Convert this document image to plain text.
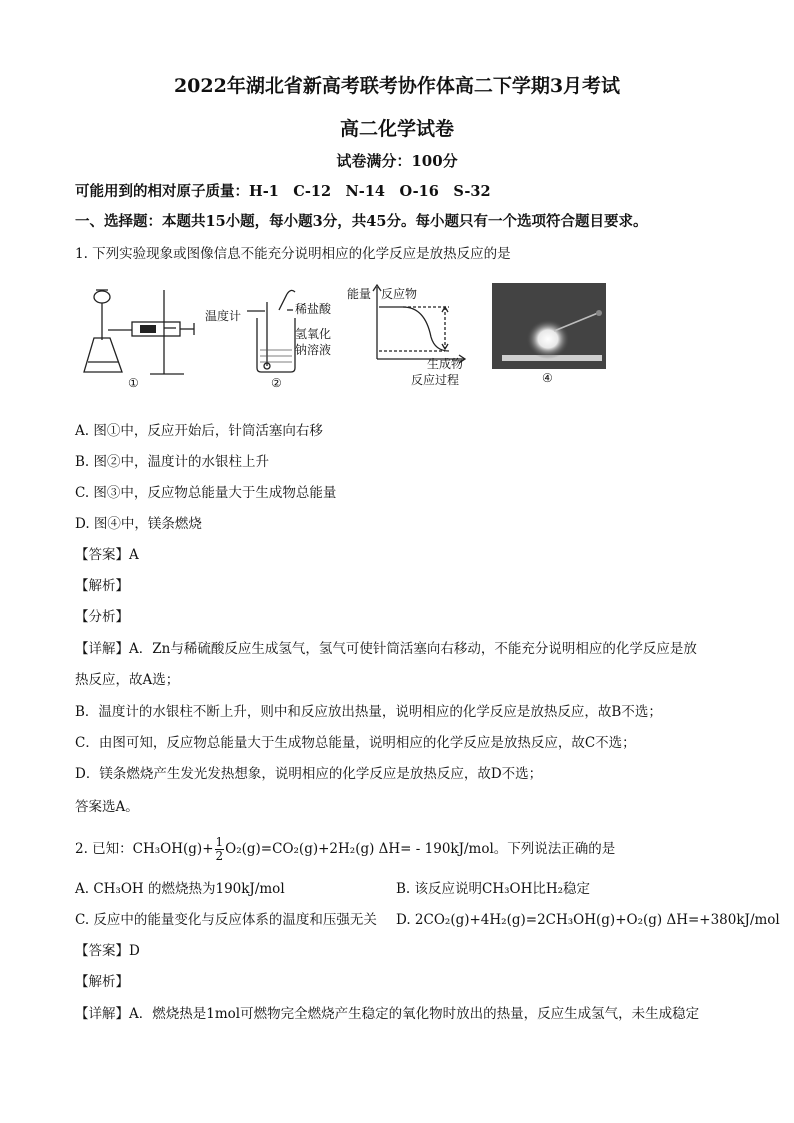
2022年湖北省新高考联考协作体高二下学期3月考试
高二化学试卷
试卷满分：100分
可能用到的相对原子质量：H-1　C-12　N-14　O-16　S-32
一、选择题：本题共15小题，每小题3分，共45分。每小题只有一个选项符合题目要求。
1. 下列实验现象或图像信息不能充分说明相应的化学反应是放热反应的是
①
温度计	稀盐酸
氢氧化
钠溶液
②
能量 反应物
生成物
反应过程	④
A. 图①中，反应开始后，针筒活塞向右移
B. 图②中，温度计的水银柱上升
C. 图③中，反应物总能量大于生成物总能量
D. 图④中，镁条燃烧
【答案】A
【解析】
【分析】
【详解】A．Zn与稀硫酸反应生成氢气，氢气可使针筒活塞向右移动，不能充分说明相应的化学反应是放
热反应，故A选；
B．温度计的水银柱不断上升，则中和反应放出热量，说明相应的化学反应是放热反应，故B不选；
C．由图可知，反应物总能量大于生成物总能量，说明相应的化学反应是放热反应，故C不选；
D．镁条燃烧产生发光发热想象，说明相应的化学反应是放热反应，故D不选；
答案选A。
2. 已知：$CH_3OH(g)+ \frac{1}{2} O_2(g)=CO_2(g)+2H_2(g)$ ΔH= - 190kJ/mol。下列说法正确的是
A. CH₃OH 的燃烧热为190kJ/mol	B. 该反应说明CH₃OH比H₂稳定
C. 反应中的能量变化与反应体系的温度和压强无关 D. 2CO₂(g)+4H₂(g)=2CH₃OH(g)+O₂(g) ΔH=+380kJ/mol
【答案】D
【解析】
【详解】A．燃烧热是1mol可燃物完全燃烧产生稳定的氧化物时放出的热量，反应生成氢气，未生成稳定
